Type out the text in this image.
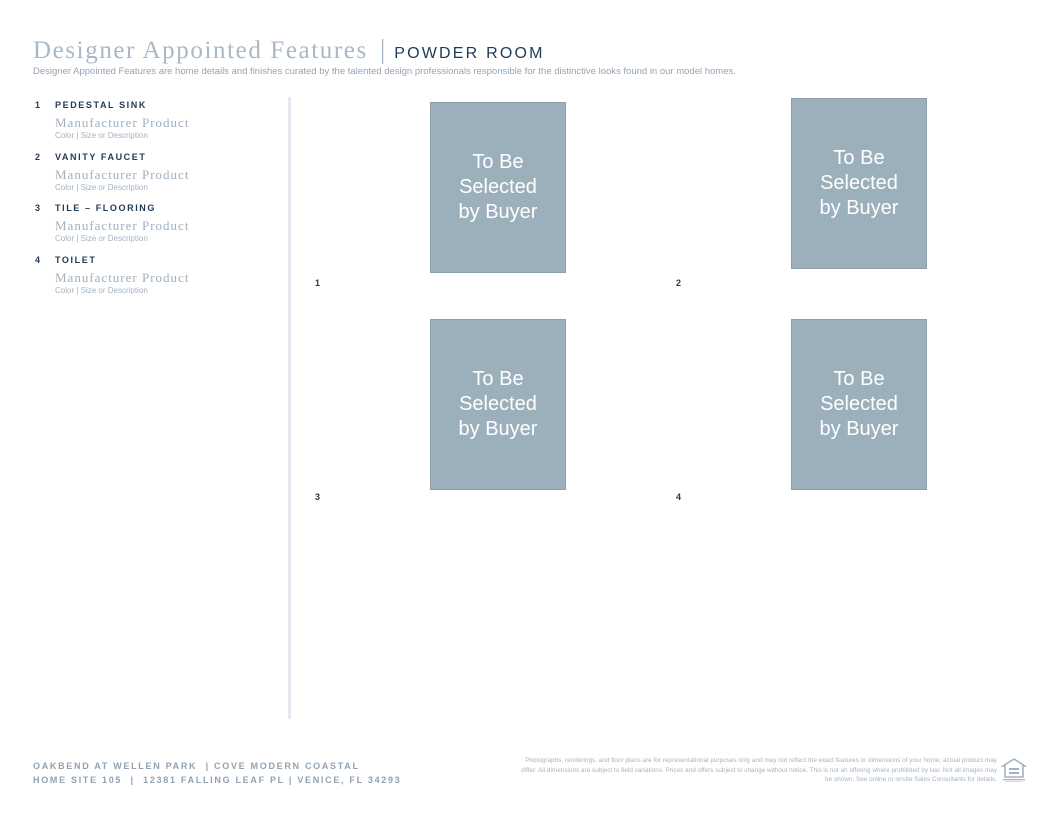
Designer Appointed Features | POWDER ROOM
Designer Appointed Features are home details and finishes curated by the talented design professionals responsible for the distinctive looks found in our model homes.
1 PEDESTAL SINK
Manufacturer Product
Color | Size or Description
2 VANITY FAUCET
Manufacturer Product
Color | Size or Description
3 TILE – FLOORING
Manufacturer Product
Color | Size or Description
4 TOILET
Manufacturer Product
Color | Size or Description
To Be Selected by Buyer
1
To Be Selected by Buyer
2
To Be Selected by Buyer
3
To Be Selected by Buyer
4
OAKBEND AT WELLEN PARK  | COVE MODERN COASTAL
HOME SITE 105  |  12381 FALLING LEAF PL | VENICE, FL 34293
Photographs, renderings, and floor plans are for representational purposes only and may not reflect the exact features or dimensions of your home; actual product may differ. All dimensions are subject to field variations. Prices and offers subject to change without notice. This is not an offering where prohibited by law. Not all images may be shown. See online or onsite Sales Consultants for details.
